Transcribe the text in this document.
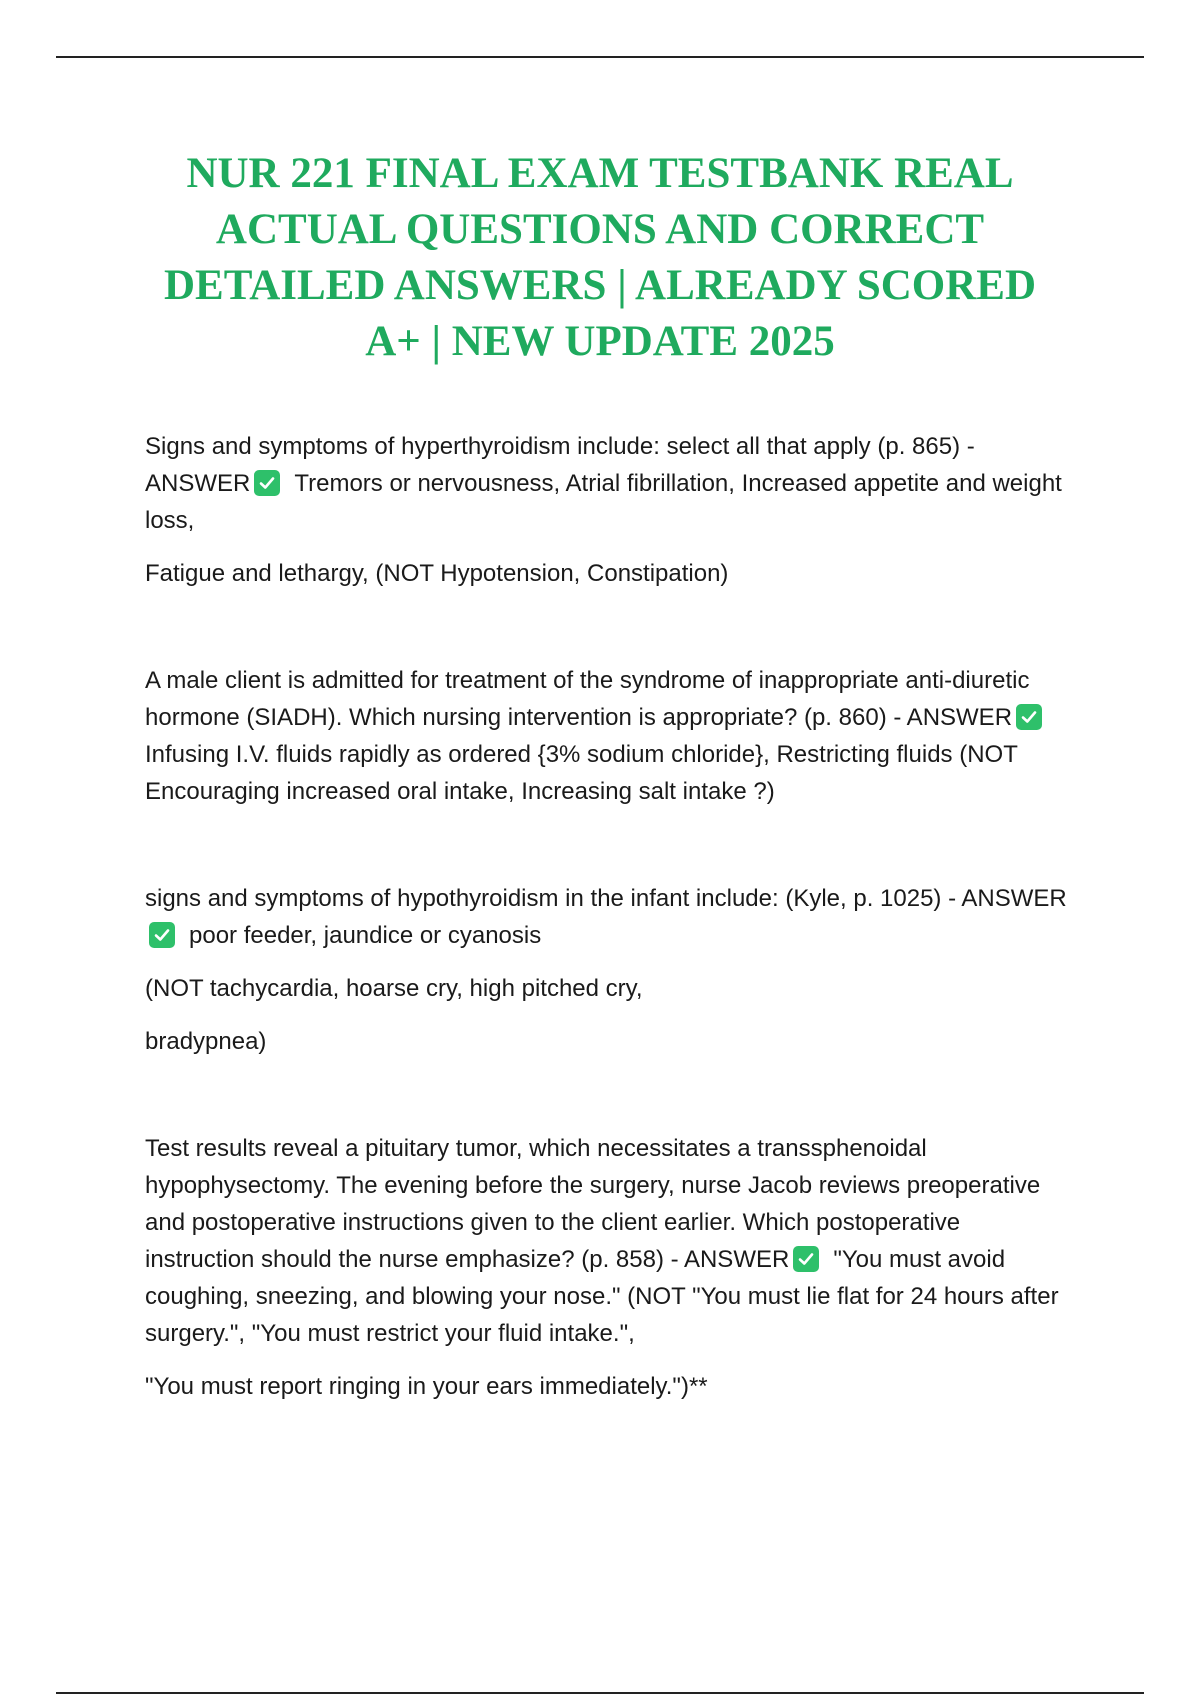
NUR 221 FINAL EXAM TESTBANK REAL ACTUAL QUESTIONS AND CORRECT DETAILED ANSWERS | ALREADY SCORED A+ | NEW UPDATE 2025

Signs and symptoms of hyperthyroidism include: select all that apply (p. 865) - ANSWER Tremors or nervousness, Atrial fibrillation, Increased appetite and weight loss,

Fatigue and lethargy, (NOT Hypotension, Constipation)

A male client is admitted for treatment of the syndrome of inappropriate anti-diuretic hormone (SIADH). Which nursing intervention is appropriate? (p. 860) - ANSWER
Infusing I.V. fluids rapidly as ordered {3% sodium chloride}, Restricting fluids (NOT Encouraging increased oral intake, Increasing salt intake ?)

signs and symptoms of hypothyroidism in the infant include: (Kyle, p. 1025) - ANSWER
poor feeder, jaundice or cyanosis

(NOT tachycardia, hoarse cry, high pitched cry,

bradypnea)

Test results reveal a pituitary tumor, which necessitates a transsphenoidal hypophysectomy. The evening before the surgery, nurse Jacob reviews preoperative and postoperative instructions given to the client earlier. Which postoperative instruction should the nurse emphasize? (p. 858) - ANSWER "You must avoid coughing, sneezing, and blowing your nose." (NOT "You must lie flat for 24 hours after surgery.", "You must restrict your fluid intake.",

"You must report ringing in your ears immediately.")**
